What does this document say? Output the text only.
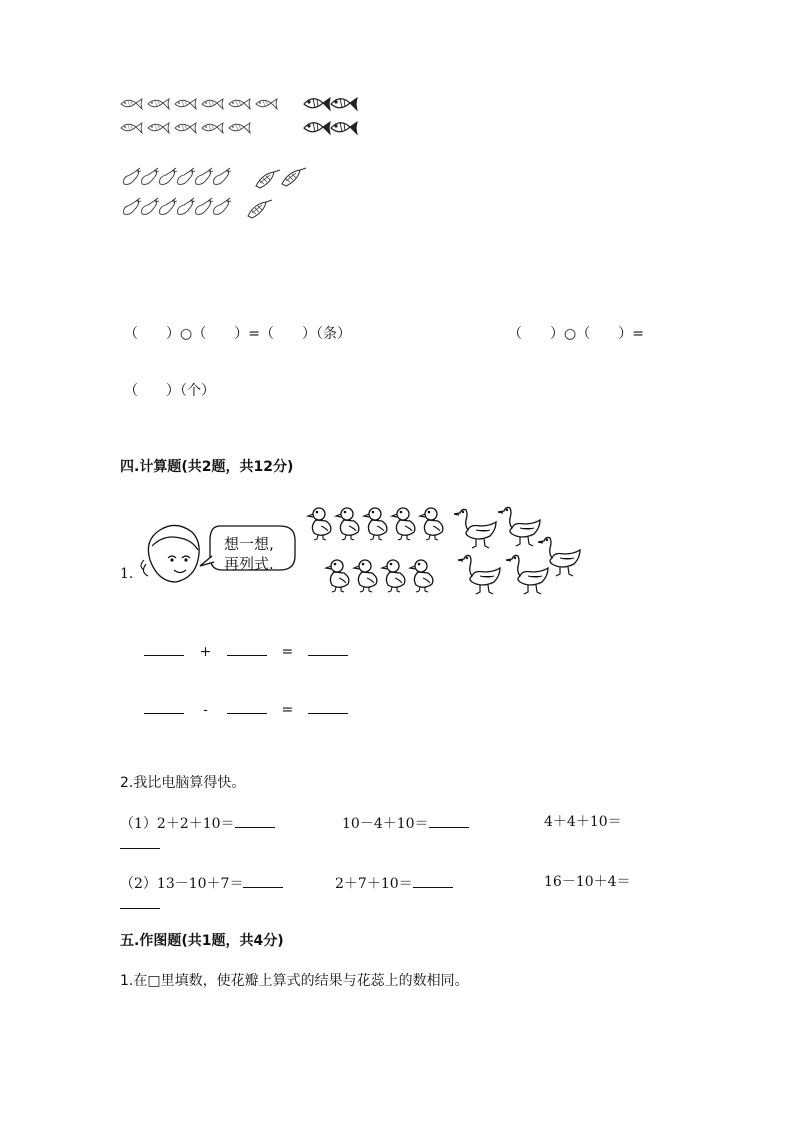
（　　）○（　　）=（　　）（条）	（　　）○（　　）=
（　　）（个）
四.计算题(共2题，共12分)
1.
想一想,
再列式.
+	=
-	=
2.我比电脑算得快。
（1）2＋2＋10＝	10－4＋10＝	4＋4＋10＝
（2）13－10＋7＝	2＋7＋10＝	16－10＋4＝
五.作图题(共1题，共4分)
1.在□里填数，使花瓣上算式的结果与花蕊上的数相同。
